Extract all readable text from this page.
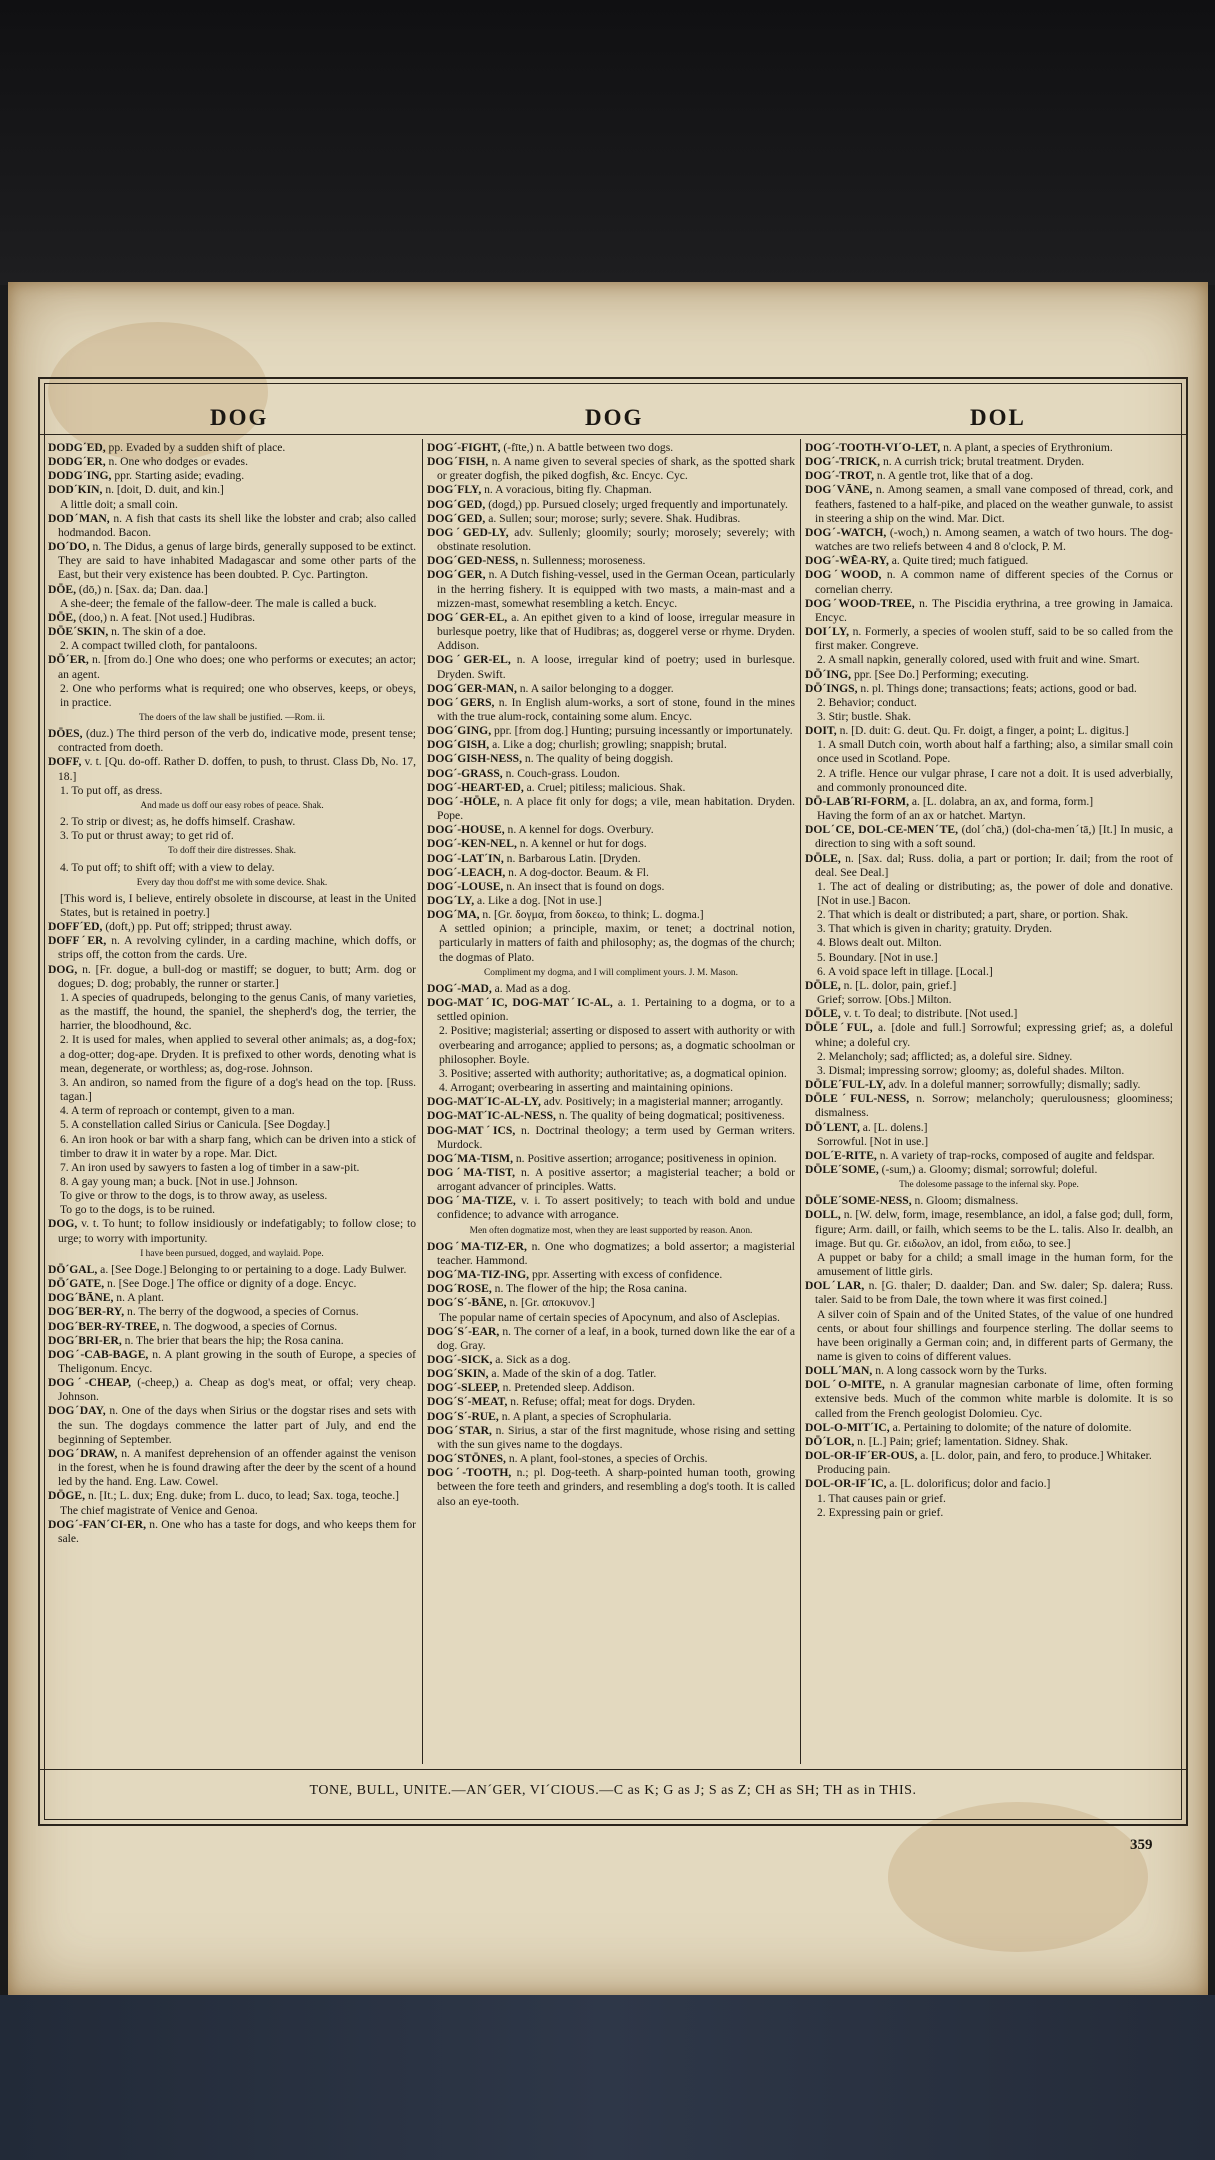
DOG	DOG	DOL

DODGˊED, pp. Evaded by a sudden shift of place.

DODGˊER, n. One who dodges or evades.

DODGˊING, ppr. Starting aside; evading.

DODˊKIN, n. [doit, D. duit, and kin.]

A little doit; a small coin.

DODˊMAN, n. A fish that casts its shell like the lobster and crab; also called hodmandod. Bacon.

DOˊDO, n. The Didus, a genus of large birds, generally supposed to be extinct. They are said to have inhabited Madagascar and some other parts of the East, but their very existence has been doubted. P. Cyc. Partington.

DŌE, (dō,) n. [Sax. da; Dan. daa.]

A she-deer; the female of the fallow-deer. The male is called a buck.

DŌE, (doo,) n. A feat. [Not used.] Hudibras.

DŌEˊSKIN, n. The skin of a doe.

2. A compact twilled cloth, for pantaloons.

DŌˊER, n. [from do.] One who does; one who performs or executes; an actor; an agent.

2. One who performs what is required; one who observes, keeps, or obeys, in practice.

The doers of the law shall be justified. —Rom. ii.

DŌES, (duz.) The third person of the verb do, indicative mode, present tense; contracted from doeth.

DOFF, v. t. [Qu. do-off. Rather D. doffen, to push, to thrust. Class Db, No. 17, 18.]

1. To put off, as dress.

And made us doff our easy robes of peace. Shak.

2. To strip or divest; as, he doffs himself. Crashaw.

3. To put or thrust away; to get rid of.

To doff their dire distresses. Shak.

4. To put off; to shift off; with a view to delay.

Every day thou doff'st me with some device. Shak.

[This word is, I believe, entirely obsolete in discourse, at least in the United States, but is retained in poetry.]

DOFFˊED, (doft,) pp. Put off; stripped; thrust away.

DOFFˊER, n. A revolving cylinder, in a carding machine, which doffs, or strips off, the cotton from the cards. Ure.

DOG, n. [Fr. dogue, a bull-dog or mastiff; se doguer, to butt; Arm. dog or dogues; D. dog; probably, the runner or starter.]

1. A species of quadrupeds, belonging to the genus Canis, of many varieties, as the mastiff, the hound, the spaniel, the shepherd's dog, the terrier, the harrier, the bloodhound, &c.

2. It is used for males, when applied to several other animals; as, a dog-fox; a dog-otter; dog-ape. Dryden. It is prefixed to other words, denoting what is mean, degenerate, or worthless; as, dog-rose. Johnson.

3. An andiron, so named from the figure of a dog's head on the top. [Russ. tagan.]

4. A term of reproach or contempt, given to a man.

5. A constellation called Sirius or Canicula. [See Dogday.]

6. An iron hook or bar with a sharp fang, which can be driven into a stick of timber to draw it in water by a rope. Mar. Dict.

7. An iron used by sawyers to fasten a log of timber in a saw-pit.

8. A gay young man; a buck. [Not in use.] Johnson.

To give or throw to the dogs, is to throw away, as useless.

To go to the dogs, is to be ruined.

DOG, v. t. To hunt; to follow insidiously or indefatigably; to follow close; to urge; to worry with importunity.

I have been pursued, dogged, and waylaid. Pope.

DŌˊGAL, a. [See Doge.] Belonging to or pertaining to a doge. Lady Bulwer.

DŌˊGATE, n. [See Doge.] The office or dignity of a doge. Encyc.

DOGˊBĀNE, n. A plant.

DOGˊBER-RY, n. The berry of the dogwood, a species of Cornus.

DOGˊBER-RY-TREE, n. The dogwood, a species of Cornus.

DOGˊBRI-ER, n. The brier that bears the hip; the Rosa canina.

DOGˊ-CAB-BAGE, n. A plant growing in the south of Europe, a species of Theligonum. Encyc.

DOGˊ-CHEAP, (-cheep,) a. Cheap as dog's meat, or offal; very cheap. Johnson.

DOGˊDAY, n. One of the days when Sirius or the dogstar rises and sets with the sun. The dogdays commence the latter part of July, and end the beginning of September.

DOGˊDRAW, n. A manifest deprehension of an offender against the venison in the forest, when he is found drawing after the deer by the scent of a hound led by the hand. Eng. Law. Cowel.

DŌGE, n. [It.; L. dux; Eng. duke; from L. duco, to lead; Sax. toga, teoche.]

The chief magistrate of Venice and Genoa.

DOGˊ-FANˊCI-ER, n. One who has a taste for dogs, and who keeps them for sale.

DOGˊ-FIGHT, (-fīte,) n. A battle between two dogs.

DOGˊFISH, n. A name given to several species of shark, as the spotted shark or greater dogfish, the piked dogfish, &c. Encyc. Cyc.

DOGˊFLY, n. A voracious, biting fly. Chapman.

DOGˊGED, (dogd,) pp. Pursued closely; urged frequently and importunately.

DOGˊGED, a. Sullen; sour; morose; surly; severe. Shak. Hudibras.

DOGˊGED-LY, adv. Sullenly; gloomily; sourly; morosely; severely; with obstinate resolution.

DOGˊGED-NESS, n. Sullenness; moroseness.

DOGˊGER, n. A Dutch fishing-vessel, used in the German Ocean, particularly in the herring fishery. It is equipped with two masts, a main-mast and a mizzen-mast, somewhat resembling a ketch. Encyc.

DOGˊGER-EL, a. An epithet given to a kind of loose, irregular measure in burlesque poetry, like that of Hudibras; as, doggerel verse or rhyme. Dryden. Addison.

DOGˊGER-EL, n. A loose, irregular kind of poetry; used in burlesque. Dryden. Swift.

DOGˊGER-MAN, n. A sailor belonging to a dogger.

DOGˊGERS, n. In English alum-works, a sort of stone, found in the mines with the true alum-rock, containing some alum. Encyc.

DOGˊGING, ppr. [from dog.] Hunting; pursuing incessantly or importunately.

DOGˊGISH, a. Like a dog; churlish; growling; snappish; brutal.

DOGˊGISH-NESS, n. The quality of being doggish.

DOGˊ-GRASS, n. Couch-grass. Loudon.

DOGˊ-HEART-ED, a. Cruel; pitiless; malicious. Shak.

DOGˊ-HŌLE, n. A place fit only for dogs; a vile, mean habitation. Dryden. Pope.

DOGˊ-HOUSE, n. A kennel for dogs. Overbury.

DOGˊ-KEN-NEL, n. A kennel or hut for dogs.

DOGˊ-LATˊIN, n. Barbarous Latin. [Dryden.

DOGˊ-LEACH, n. A dog-doctor. Beaum. & Fl.

DOGˊ-LOUSE, n. An insect that is found on dogs.

DOGˊLY, a. Like a dog. [Not in use.]

DOGˊMA, n. [Gr. δογμα, from δοκεω, to think; L. dogma.]

A settled opinion; a principle, maxim, or tenet; a doctrinal notion, particularly in matters of faith and philosophy; as, the dogmas of the church; the dogmas of Plato.

Compliment my dogma, and I will compliment yours. J. M. Mason.

DOGˊ-MAD, a. Mad as a dog.

DOG-MATˊIC, DOG-MATˊIC-AL, a. 1. Pertaining to a dogma, or to a settled opinion.

2. Positive; magisterial; asserting or disposed to assert with authority or with overbearing and arrogance; applied to persons; as, a dogmatic schoolman or philosopher. Boyle.

3. Positive; asserted with authority; authoritative; as, a dogmatical opinion.

4. Arrogant; overbearing in asserting and maintaining opinions.

DOG-MATˊIC-AL-LY, adv. Positively; in a magisterial manner; arrogantly.

DOG-MATˊIC-AL-NESS, n. The quality of being dogmatical; positiveness.

DOG-MATˊICS, n. Doctrinal theology; a term used by German writers. Murdock.

DOGˊMA-TISM, n. Positive assertion; arrogance; positiveness in opinion.

DOGˊMA-TIST, n. A positive assertor; a magisterial teacher; a bold or arrogant advancer of principles. Watts.

DOGˊMA-TIZE, v. i. To assert positively; to teach with bold and undue confidence; to advance with arrogance.

Men often dogmatize most, when they are least supported by reason. Anon.

DOGˊMA-TIZ-ER, n. One who dogmatizes; a bold assertor; a magisterial teacher. Hammond.

DOGˊMA-TIZ-ING, ppr. Asserting with excess of confidence.

DOGˊROSE, n. The flower of the hip; the Rosa canina.

DOGˊSˊ-BĀNE, n. [Gr. αποκυνον.]

The popular name of certain species of Apocynum, and also of Asclepias.

DOGˊSˊ-EAR, n. The corner of a leaf, in a book, turned down like the ear of a dog. Gray.

DOGˊ-SICK, a. Sick as a dog.

DOGˊSKIN, a. Made of the skin of a dog. Tatler.

DOGˊ-SLEEP, n. Pretended sleep. Addison.

DOGˊSˊ-MEAT, n. Refuse; offal; meat for dogs. Dryden.

DOGˊSˊ-RUE, n. A plant, a species of Scrophularia.

DOGˊSTAR, n. Sirius, a star of the first magnitude, whose rising and setting with the sun gives name to the dogdays.

DOGˊSTŌNES, n. A plant, fool-stones, a species of Orchis.

DOGˊ-TOOTH, n.; pl. Dog-teeth. A sharp-pointed human tooth, growing between the fore teeth and grinders, and resembling a dog's tooth. It is called also an eye-tooth.

DOGˊ-TOOTH-VIˊO-LET, n. A plant, a species of Erythronium.

DOGˊ-TRICK, n. A currish trick; brutal treatment. Dryden.

DOGˊ-TROT, n. A gentle trot, like that of a dog.

DOGˊVĀNE, n. Among seamen, a small vane composed of thread, cork, and feathers, fastened to a half-pike, and placed on the weather gunwale, to assist in steering a ship on the wind. Mar. Dict.

DOGˊ-WATCH, (-woch,) n. Among seamen, a watch of two hours. The dog-watches are two reliefs between 4 and 8 o'clock, P. M.

DOGˊ-WĒA-RY, a. Quite tired; much fatigued.

DOGˊWOOD, n. A common name of different species of the Cornus or cornelian cherry.

DOGˊWOOD-TREE, n. The Piscidia erythrina, a tree growing in Jamaica. Encyc.

DOIˊLY, n. Formerly, a species of woolen stuff, said to be so called from the first maker. Congreve.

2. A small napkin, generally colored, used with fruit and wine. Smart.

DŌˊING, ppr. [See Do.] Performing; executing.

DŌˊINGS, n. pl. Things done; transactions; feats; actions, good or bad.

2. Behavior; conduct.

3. Stir; bustle. Shak.

DOIT, n. [D. duit: G. deut. Qu. Fr. doigt, a finger, a point; L. digitus.]

1. A small Dutch coin, worth about half a farthing; also, a similar small coin once used in Scotland. Pope.

2. A trifle. Hence our vulgar phrase, I care not a doit. It is used adverbially, and commonly pronounced dite.

DŌ-LABˊRI-FORM, a. [L. dolabra, an ax, and forma, form.]

Having the form of an ax or hatchet. Martyn.

DOLˊCE, DOL-CE-MENˊTE, (dolˊchā,) (dol-cha-menˊtā,) [It.] In music, a direction to sing with a soft sound.

DŌLE, n. [Sax. dal; Russ. dolia, a part or portion; Ir. dail; from the root of deal. See Deal.]

1. The act of dealing or distributing; as, the power of dole and donative. [Not in use.] Bacon.

2. That which is dealt or distributed; a part, share, or portion. Shak.

3. That which is given in charity; gratuity. Dryden.

4. Blows dealt out. Milton.

5. Boundary. [Not in use.]

6. A void space left in tillage. [Local.]

DŌLE, n. [L. dolor, pain, grief.]

Grief; sorrow. [Obs.] Milton.

DŌLE, v. t. To deal; to distribute. [Not used.]

DŌLEˊFUL, a. [dole and full.] Sorrowful; expressing grief; as, a doleful whine; a doleful cry.

2. Melancholy; sad; afflicted; as, a doleful sire. Sidney.

3. Dismal; impressing sorrow; gloomy; as, doleful shades. Milton.

DŌLEˊFUL-LY, adv. In a doleful manner; sorrowfully; dismally; sadly.

DŌLEˊFUL-NESS, n. Sorrow; melancholy; querulousness; gloominess; dismalness.

DŌˊLENT, a. [L. dolens.]

Sorrowful. [Not in use.]

DOLˊE-RITE, n. A variety of trap-rocks, composed of augite and feldspar.

DŌLEˊSOME, (-sum,) a. Gloomy; dismal; sorrowful; doleful.

The dolesome passage to the infernal sky. Pope.

DŌLEˊSOME-NESS, n. Gloom; dismalness.

DOLL, n. [W. delw, form, image, resemblance, an idol, a false god; dull, form, figure; Arm. daill, or failh, which seems to be the L. talis. Also Ir. dealbh, an image. But qu. Gr. ειδωλον, an idol, from ειδω, to see.]

A puppet or baby for a child; a small image in the human form, for the amusement of little girls.

DOLˊLAR, n. [G. thaler; D. daalder; Dan. and Sw. daler; Sp. dalera; Russ. taler. Said to be from Dale, the town where it was first coined.]

A silver coin of Spain and of the United States, of the value of one hundred cents, or about four shillings and fourpence sterling. The dollar seems to have been originally a German coin; and, in different parts of Germany, the name is given to coins of different values.

DOLLˊMAN, n. A long cassock worn by the Turks.

DOLˊO-MITE, n. A granular magnesian carbonate of lime, often forming extensive beds. Much of the common white marble is dolomite. It is so called from the French geologist Dolomieu. Cyc.

DOL-O-MITˊIC, a. Pertaining to dolomite; of the nature of dolomite.

DŌˊLOR, n. [L.] Pain; grief; lamentation. Sidney. Shak.

DOL-OR-IFˊER-OUS, a. [L. dolor, pain, and fero, to produce.] Whitaker.

Producing pain.

DOL-OR-IFˊIC, a. [L. dolorificus; dolor and facio.]

1. That causes pain or grief.

2. Expressing pain or grief.

TONE, BULL, UNITE.—ANˊGER, VIˊCIOUS.—C as K; G as J; S as Z; CH as SH; TH as in THIS.
359
